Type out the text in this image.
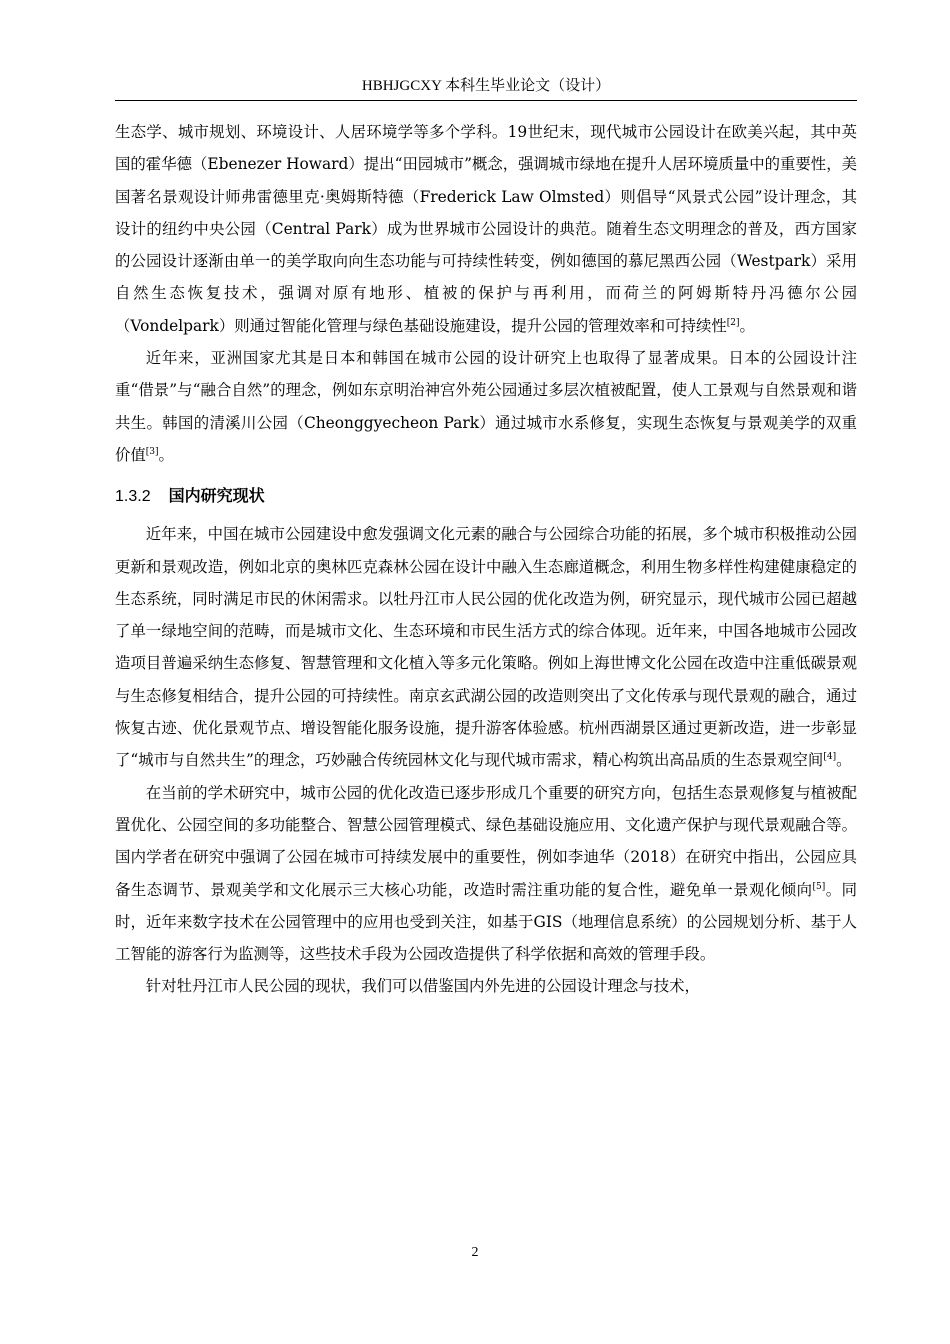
HBHJGCXY 本科生毕业论文（设计）

生态学、城市规划、环境设计、人居环境学等多个学科。19世纪末，现代城市公园设计在欧美兴起，其中英国的霍华德（Ebenezer Howard）提出“田园城市”概念，强调城市绿地在提升人居环境质量中的重要性，美国著名景观设计师弗雷德里克·奥姆斯特德（Frederick Law Olmsted）则倡导“风景式公园”设计理念，其设计的纽约中央公园（Central Park）成为世界城市公园设计的典范。随着生态文明理念的普及，西方国家的公园设计逐渐由单一的美学取向向生态功能与可持续性转变，例如德国的慕尼黑西公园（Westpark）采用自然生态恢复技术，强调对原有地形、植被的保护与再利用，而荷兰的阿姆斯特丹冯德尔公园（Vondelpark）则通过智能化管理与绿色基础设施建设，提升公园的管理效率和可持续性[2]。

近年来，亚洲国家尤其是日本和韩国在城市公园的设计研究上也取得了显著成果。日本的公园设计注重“借景”与“融合自然”的理念，例如东京明治神宫外苑公园通过多层次植被配置，使人工景观与自然景观和谐共生。韩国的清溪川公园（Cheonggyecheon Park）通过城市水系修复，实现生态恢复与景观美学的双重价值[3]。

1.3.2 国内研究现状

近年来，中国在城市公园建设中愈发强调文化元素的融合与公园综合功能的拓展，多个城市积极推动公园更新和景观改造，例如北京的奥林匹克森林公园在设计中融入生态廊道概念，利用生物多样性构建健康稳定的生态系统，同时满足市民的休闲需求。以牡丹江市人民公园的优化改造为例，研究显示，现代城市公园已超越了单一绿地空间的范畴，而是城市文化、生态环境和市民生活方式的综合体现。近年来，中国各地城市公园改造项目普遍采纳生态修复、智慧管理和文化植入等多元化策略。例如上海世博文化公园在改造中注重低碳景观与生态修复相结合，提升公园的可持续性。南京玄武湖公园的改造则突出了文化传承与现代景观的融合，通过恢复古迹、优化景观节点、增设智能化服务设施，提升游客体验感。杭州西湖景区通过更新改造，进一步彰显了“城市与自然共生”的理念，巧妙融合传统园林文化与现代城市需求，精心构筑出高品质的生态景观空间[4]。

在当前的学术研究中，城市公园的优化改造已逐步形成几个重要的研究方向，包括生态景观修复与植被配置优化、公园空间的多功能整合、智慧公园管理模式、绿色基础设施应用、文化遗产保护与现代景观融合等。国内学者在研究中强调了公园在城市可持续发展中的重要性，例如李迪华（2018）在研究中指出，公园应具备生态调节、景观美学和文化展示三大核心功能，改造时需注重功能的复合性，避免单一景观化倾向[5]。同时，近年来数字技术在公园管理中的应用也受到关注，如基于GIS（地理信息系统）的公园规划分析、基于人工智能的游客行为监测等，这些技术手段为公园改造提供了科学依据和高效的管理手段。

针对牡丹江市人民公园的现状，我们可以借鉴国内外先进的公园设计理念与技术，

2
